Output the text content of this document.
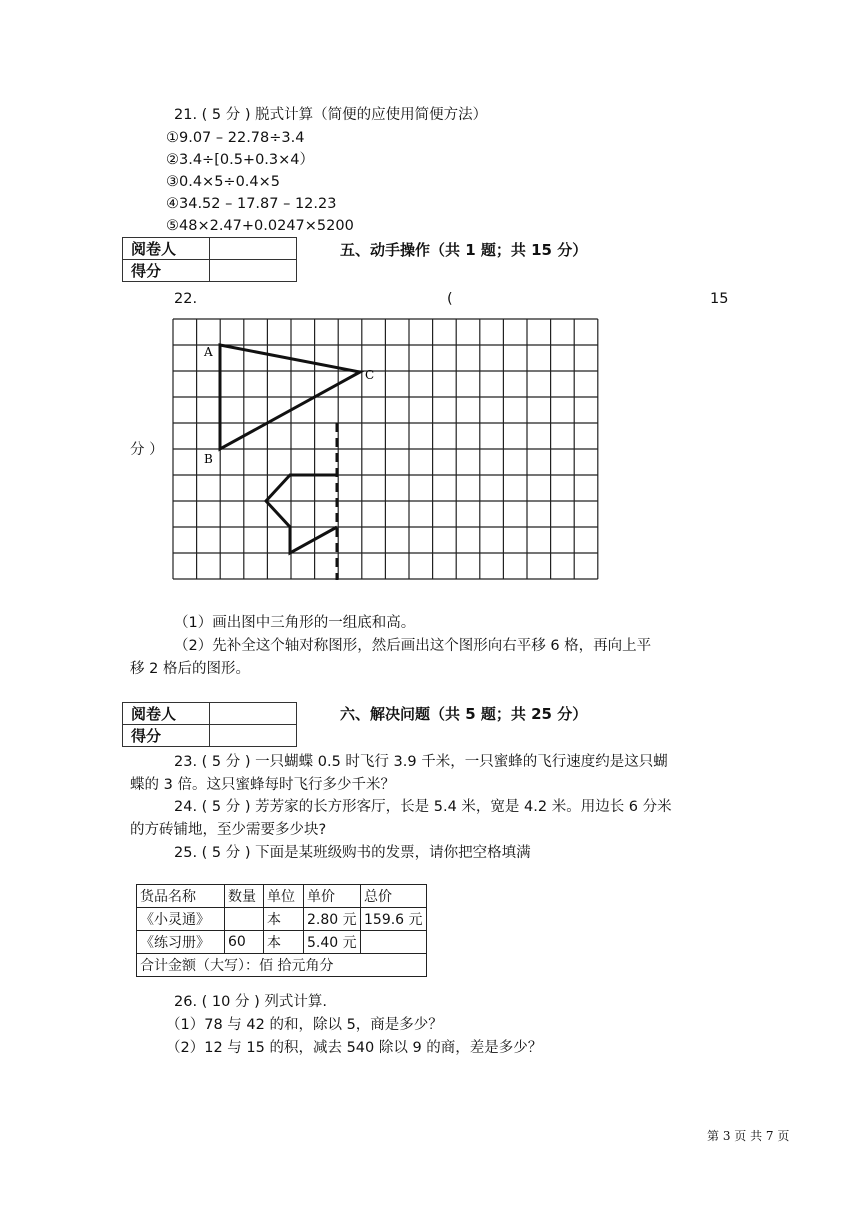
21. ( 5 分 ) 脱式计算（简便的应使用简便方法）
①9.07 – 22.78÷3.4
②3.4÷[0.5+0.3×4）
③0.4×5÷0.4×5
④34.52 – 17.87 – 12.23
⑤48×2.47+0.0247×5200
阅卷人	
得分	
五、动手操作（共 1 题；共 15 分）
22.	(	15
分 ）
A
B
C
（1）画出图中三角形的一组底和高。
（2）先补全这个轴对称图形，然后画出这个图形向右平移 6 格，再向上平
移 2 格后的图形。
阅卷人	
得分	
六、解决问题（共 5 题；共 25 分）
23. ( 5 分 ) 一只蝴蝶 0.5 时飞行 3.9 千米，一只蜜蜂的飞行速度约是这只蝴
蝶的 3 倍。这只蜜蜂每时飞行多少千米？
24. ( 5 分 ) 芳芳家的长方形客厅，长是 5.4 米，宽是 4.2 米。用边长 6 分米
的方砖铺地，至少需要多少块?
25. ( 5 分 ) 下面是某班级购书的发票，请你把空格填满
货品名称	数量	单位	单价	总价
《小灵通》		本	2.80 元	159.6 元
《练习册》	60	本	5.40 元	
合计金额（大写）：佰 拾元角分				
26. ( 10 分 ) 列式计算.
（1）78 与 42 的和，除以 5，商是多少？
（2）12 与 15 的积，减去 540 除以 9 的商，差是多少？
第 3 页 共 7 页
